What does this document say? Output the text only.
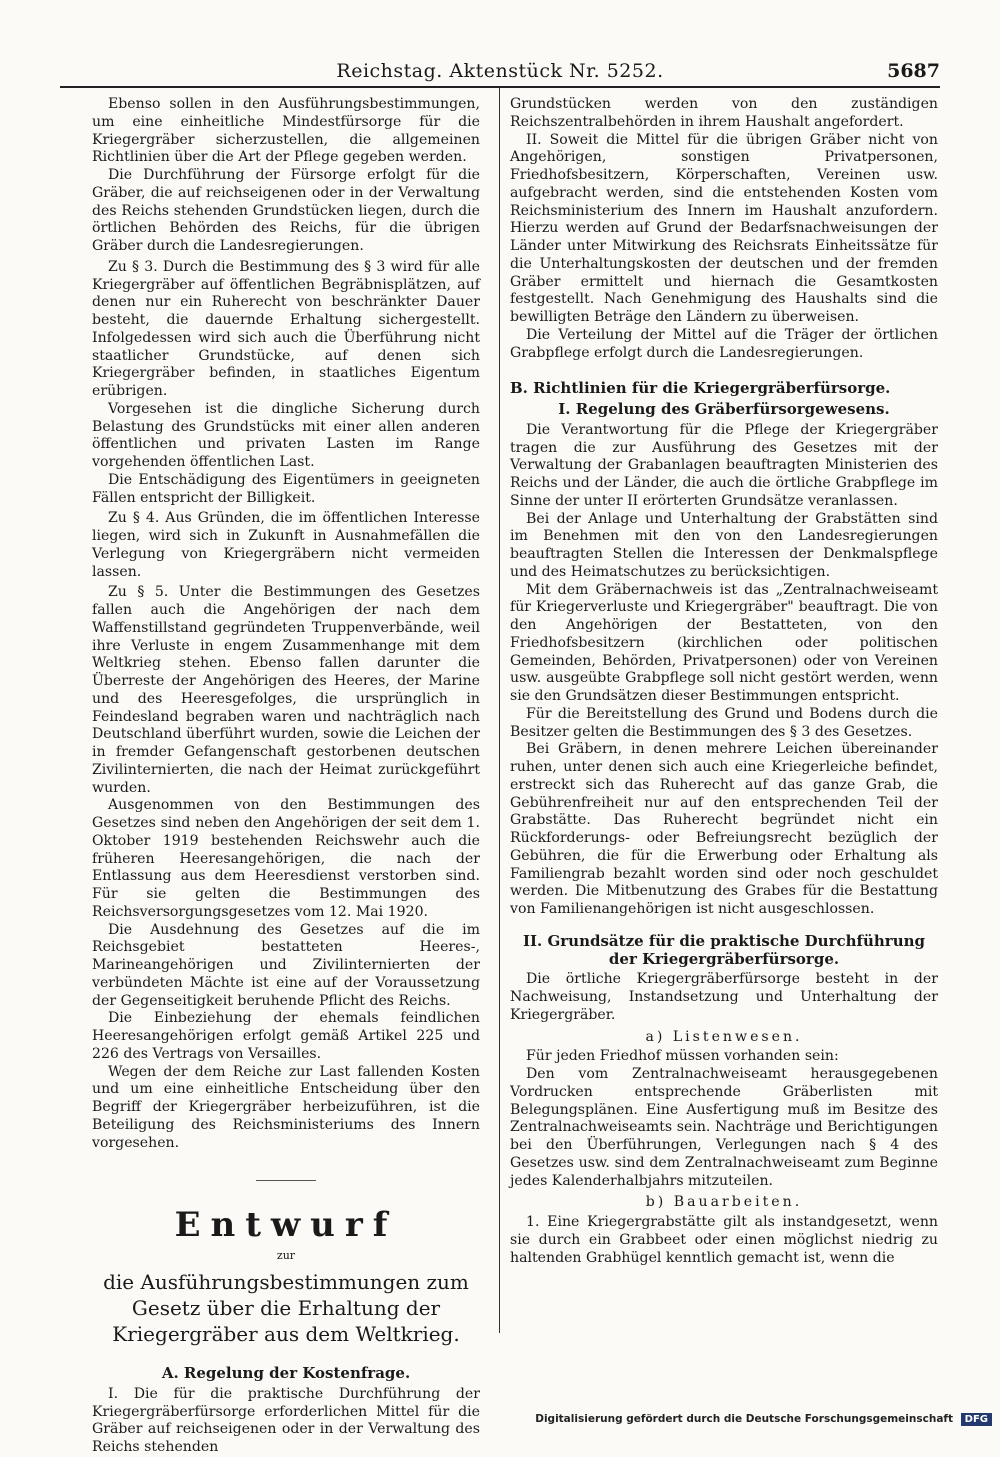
Reichstag. Aktenstück Nr. 5252.	5687

Ebenso sollen in den Ausführungsbestimmungen, um eine einheitliche Mindestfürsorge für die Kriegergräber sicherzustellen, die allgemeinen Richtlinien über die Art der Pflege gegeben werden.

Die Durchführung der Fürsorge erfolgt für die Gräber, die auf reichseigenen oder in der Verwaltung des Reichs stehenden Grundstücken liegen, durch die örtlichen Behörden des Reichs, für die übrigen Gräber durch die Landesregierungen.

Zu § 3. Durch die Bestimmung des § 3 wird für alle Kriegergräber auf öffentlichen Begräbnisplätzen, auf denen nur ein Ruherecht von beschränkter Dauer besteht, die dauernde Erhaltung sichergestellt. Infolgedessen wird sich auch die Überführung nicht staatlicher Grundstücke, auf denen sich Kriegergräber befinden, in staatliches Eigentum erübrigen.

Vorgesehen ist die dingliche Sicherung durch Belastung des Grundstücks mit einer allen anderen öffentlichen und privaten Lasten im Range vorgehenden öffentlichen Last.

Die Entschädigung des Eigentümers in geeigneten Fällen entspricht der Billigkeit.

Zu § 4. Aus Gründen, die im öffentlichen Interesse liegen, wird sich in Zukunft in Ausnahmefällen die Verlegung von Kriegergräbern nicht vermeiden lassen.

Zu § 5. Unter die Bestimmungen des Gesetzes fallen auch die Angehörigen der nach dem Waffenstillstand gegründeten Truppenverbände, weil ihre Verluste in engem Zusammenhange mit dem Weltkrieg stehen. Ebenso fallen darunter die Überreste der Angehörigen des Heeres, der Marine und des Heeresgefolges, die ursprünglich in Feindesland begraben waren und nachträglich nach Deutschland überführt wurden, sowie die Leichen der in fremder Gefangenschaft gestorbenen deutschen Zivilinternierten, die nach der Heimat zurückgeführt wurden.

Ausgenommen von den Bestimmungen des Gesetzes sind neben den Angehörigen der seit dem 1. Oktober 1919 bestehenden Reichswehr auch die früheren Heeresangehörigen, die nach der Entlassung aus dem Heeresdienst verstorben sind. Für sie gelten die Bestimmungen des Reichsversorgungsgesetzes vom 12. Mai 1920.

Die Ausdehnung des Gesetzes auf die im Reichsgebiet bestatteten Heeres-, Marineangehörigen und Zivilinternierten der verbündeten Mächte ist eine auf der Voraussetzung der Gegenseitigkeit beruhende Pflicht des Reichs.

Die Einbeziehung der ehemals feindlichen Heeresangehörigen erfolgt gemäß Artikel 225 und 226 des Vertrags von Versailles.

Wegen der dem Reiche zur Last fallenden Kosten und um eine einheitliche Entscheidung über den Begriff der Kriegergräber herbeizuführen, ist die Beteiligung des Reichsministeriums des Innern vorgesehen.

Entwurf
zur
die Ausführungsbestimmungen zum Gesetz über die Erhaltung der Kriegergräber aus dem Weltkrieg.
A. Regelung der Kostenfrage.

I. Die für die praktische Durchführung der Kriegergräberfürsorge erforderlichen Mittel für die Gräber auf reichseigenen oder in der Verwaltung des Reichs stehenden

Grundstücken werden von den zuständigen Reichszentralbehörden in ihrem Haushalt angefordert.

II. Soweit die Mittel für die übrigen Gräber nicht von Angehörigen, sonstigen Privatpersonen, Friedhofsbesitzern, Körperschaften, Vereinen usw. aufgebracht werden, sind die entstehenden Kosten vom Reichsministerium des Innern im Haushalt anzufordern. Hierzu werden auf Grund der Bedarfsnachweisungen der Länder unter Mitwirkung des Reichsrats Einheitssätze für die Unterhaltungskosten der deutschen und der fremden Gräber ermittelt und hiernach die Gesamtkosten festgestellt. Nach Genehmigung des Haushalts sind die bewilligten Beträge den Ländern zu überweisen.

Die Verteilung der Mittel auf die Träger der örtlichen Grabpflege erfolgt durch die Landesregierungen.

B. Richtlinien für die Kriegergräberfürsorge.
I. Regelung des Gräberfürsorgewesens.

Die Verantwortung für die Pflege der Kriegergräber tragen die zur Ausführung des Gesetzes mit der Verwaltung der Grabanlagen beauftragten Ministerien des Reichs und der Länder, die auch die örtliche Grabpflege im Sinne der unter II erörterten Grundsätze veranlassen.

Bei der Anlage und Unterhaltung der Grabstätten sind im Benehmen mit den von den Landesregierungen beauftragten Stellen die Interessen der Denkmalspflege und des Heimatschutzes zu berücksichtigen.

Mit dem Gräbernachweis ist das „Zentralnachweiseamt für Kriegerverluste und Kriegergräber" beauftragt. Die von den Angehörigen der Bestatteten, von den Friedhofsbesitzern (kirchlichen oder politischen Gemeinden, Behörden, Privatpersonen) oder von Vereinen usw. ausgeübte Grabpflege soll nicht gestört werden, wenn sie den Grundsätzen dieser Bestimmungen entspricht.

Für die Bereitstellung des Grund und Bodens durch die Besitzer gelten die Bestimmungen des § 3 des Gesetzes.

Bei Gräbern, in denen mehrere Leichen übereinander ruhen, unter denen sich auch eine Kriegerleiche befindet, erstreckt sich das Ruherecht auf das ganze Grab, die Gebührenfreiheit nur auf den entsprechenden Teil der Grabstätte. Das Ruherecht begründet nicht ein Rückforderungs- oder Befreiungsrecht bezüglich der Gebühren, die für die Erwerbung oder Erhaltung als Familiengrab bezahlt worden sind oder noch geschuldet werden. Die Mitbenutzung des Grabes für die Bestattung von Familienangehörigen ist nicht ausgeschlossen.

II. Grundsätze für die praktische Durchführung der Kriegergräberfürsorge.

Die örtliche Kriegergräberfürsorge besteht in der Nachweisung, Instandsetzung und Unterhaltung der Kriegergräber.

a) Listenwesen.

Für jeden Friedhof müssen vorhanden sein:

Den vom Zentralnachweiseamt herausgegebenen Vordrucken entsprechende Gräberlisten mit Belegungsplänen. Eine Ausfertigung muß im Besitze des Zentralnachweiseamts sein. Nachträge und Berichtigungen bei den Überführungen, Verlegungen nach § 4 des Gesetzes usw. sind dem Zentralnachweiseamt zum Beginne jedes Kalenderhalbjahrs mitzuteilen.

b) Bauarbeiten.

1. Eine Kriegergrabstätte gilt als instandgesetzt, wenn sie durch ein Grabbeet oder einen möglichst niedrig zu haltenden Grabhügel kenntlich gemacht ist, wenn die

Digitalisierung gefördert durch die Deutsche Forschungsgemeinschaft DFG
